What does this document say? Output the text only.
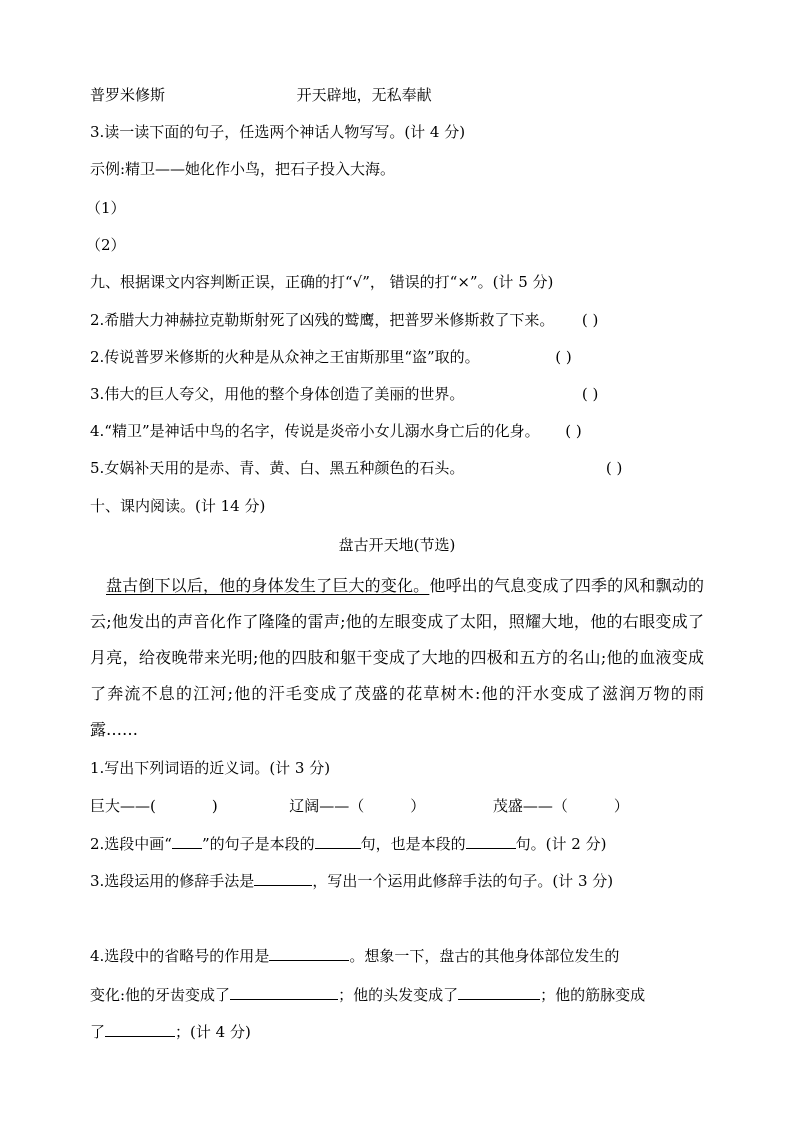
普罗米修斯	开天辟地，无私奉献
3.读一读下面的句子，任选两个神话人物写写。(计 4 分)
示例:精卫——她化作小鸟，把石子投入大海。
（1）
（2）
九、根据课文内容判断正误，正确的打“√”， 错误的打“×”。(计 5 分)
2.希腊大力神赫拉克勒斯射死了凶残的鹫鹰，把普罗米修斯救了下来。 ( )
2.传说普罗米修斯的火种是从众神之王宙斯那里“盗”取的。	( )
3.伟大的巨人夸父，用他的整个身体创造了美丽的世界。	( )
4.“精卫”是神话中鸟的名字，传说是炎帝小女儿溺水身亡后的化身。 ( )
5.女娲补天用的是赤、青、黄、白、黑五种颜色的石头。	( )
十、课内阅读。(计 14 分)
盘古开天地(节选)
盘古倒下以后，他的身体发生了巨大的变化。他呼出的气息变成了四季的风和飘动的云;他发出的声音化作了隆隆的雷声;他的左眼变成了太阳，照耀大地，他的右眼变成了月亮，给夜晚带来光明;他的四肢和躯干变成了大地的四极和五方的名山;他的血液变成了奔流不息的江河;他的汗毛变成了茂盛的花草树木:他的汗水变成了滋润万物的雨露……
1.写出下列词语的近义词。(计 3 分)
巨大——(	)	辽阔——（	）	茂盛——（	）
2.选段中画“ ”的句子是本段的	句，也是本段的	句。(计 2 分)
3.选段运用的修辞手法是	，写出一个运用此修辞手法的句子。(计 3 分)
4.选段中的省略号的作用是	。想象一下，盘古的其他身体部位发生的
变化:他的牙齿变成了	；他的头发变成了	；他的筋脉变成
了	；(计 4 分)
